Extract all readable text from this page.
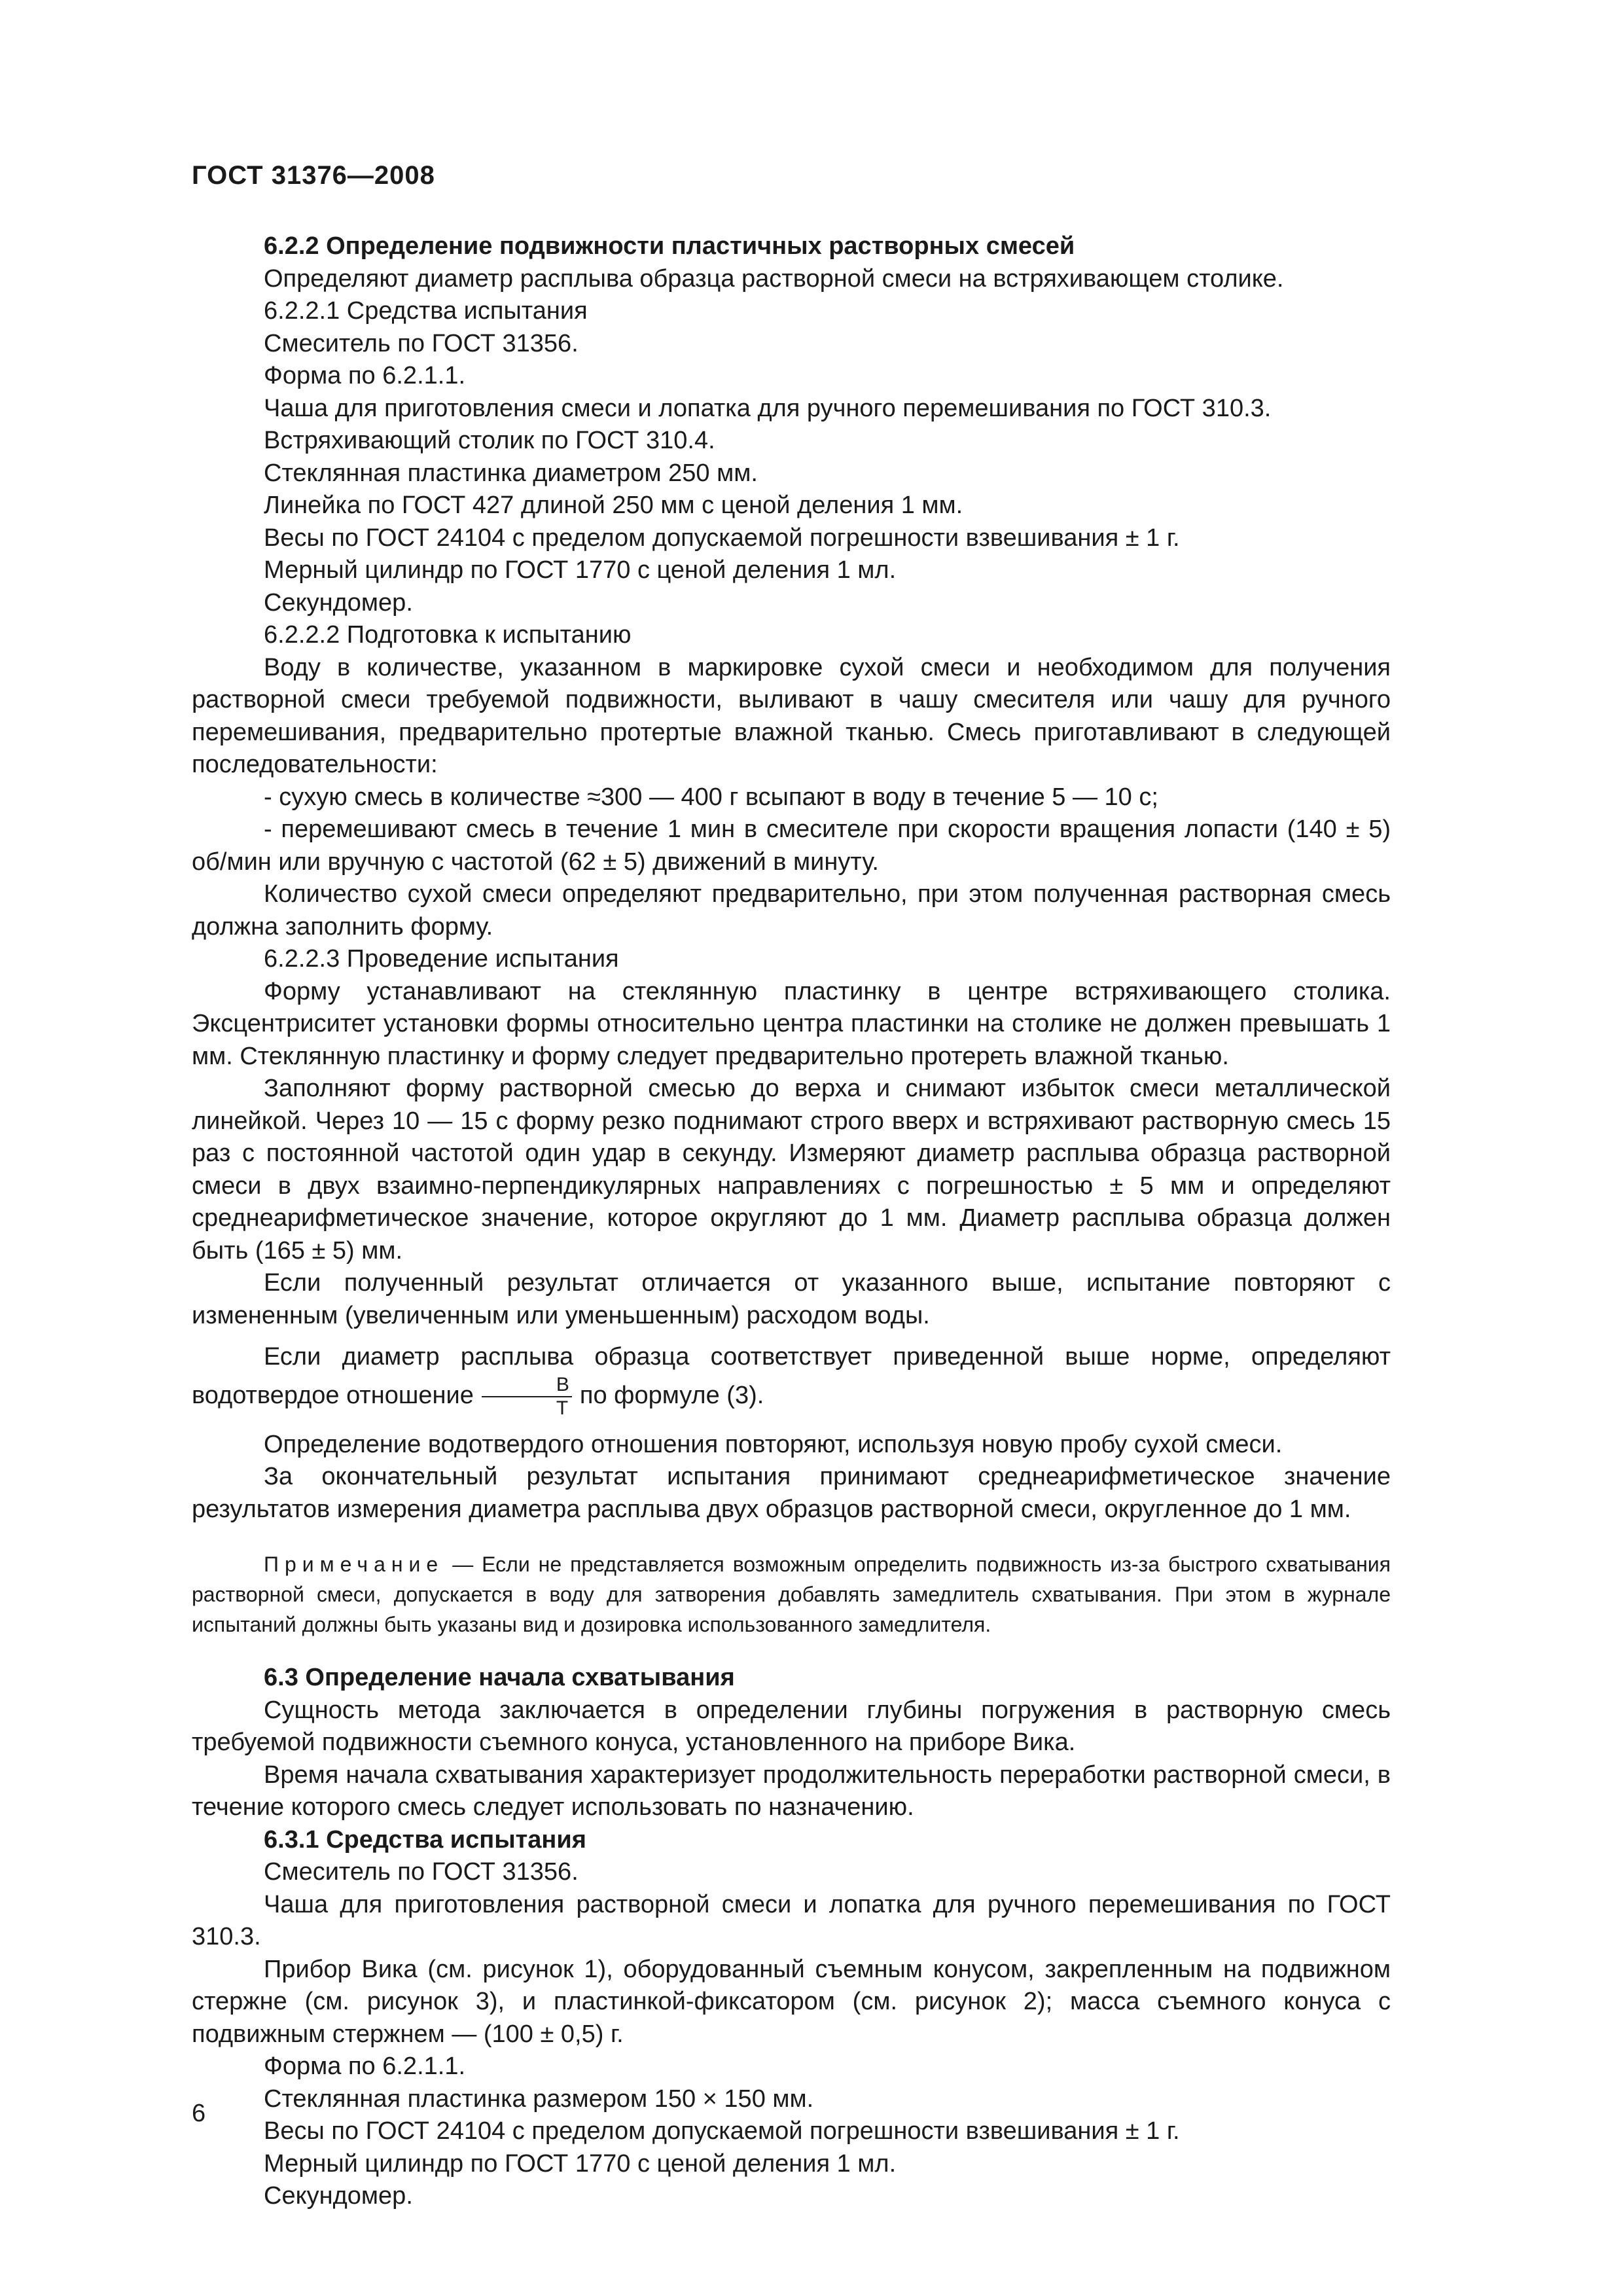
ГОСТ 31376—2008

6.2.2 Определение подвижности пластичных растворных смесей

Определяют диаметр расплыва образца растворной смеси на встряхивающем столике.

6.2.2.1 Средства испытания

Смеситель по ГОСТ 31356.

Форма по 6.2.1.1.

Чаша для приготовления смеси и лопатка для ручного перемешивания по ГОСТ 310.3.

Встряхивающий столик по ГОСТ 310.4.

Стеклянная пластинка диаметром 250 мм.

Линейка по ГОСТ 427 длиной 250 мм с ценой деления 1 мм.

Весы по ГОСТ 24104 с пределом допускаемой погрешности взвешивания ± 1 г.

Мерный цилиндр по ГОСТ 1770 с ценой деления 1 мл.

Секундомер.

6.2.2.2 Подготовка к испытанию

Воду в количестве, указанном в маркировке сухой смеси и необходимом для получения растворной смеси требуемой подвижности, выливают в чашу смесителя или чашу для ручного перемешивания, предварительно протертые влажной тканью. Смесь приготавливают в следующей последовательности:

- сухую смесь в количестве ≈300 — 400 г всыпают в воду в течение 5 — 10 с;

- перемешивают смесь в течение 1 мин в смесителе при скорости вращения лопасти (140 ± 5) об/мин или вручную с частотой (62 ± 5) движений в минуту.

Количество сухой смеси определяют предварительно, при этом полученная растворная смесь должна заполнить форму.

6.2.2.3 Проведение испытания

Форму устанавливают на стеклянную пластинку в центре встряхивающего столика. Эксцентриситет установки формы относительно центра пластинки на столике не должен превышать 1 мм. Стеклянную пластинку и форму следует предварительно протереть влажной тканью.

Заполняют форму растворной смесью до верха и снимают избыток смеси металлической линейкой. Через 10 — 15 с форму резко поднимают строго вверх и встряхивают растворную смесь 15 раз с постоянной частотой один удар в секунду. Измеряют диаметр расплыва образца растворной смеси в двух взаимно-перпендикулярных направлениях с погрешностью ± 5 мм и определяют среднеарифметическое значение, которое округляют до 1 мм. Диаметр расплыва образца должен быть (165 ± 5) мм.

Если полученный результат отличается от указанного выше, испытание повторяют с измененным (увеличенным или уменьшенным) расходом воды.

Если диаметр расплыва образца соответствует приведенной выше норме, определяют водотвердое отношение $\frac{В}{Т}$ по формуле (3).

Определение водотвердого отношения повторяют, используя новую пробу сухой смеси.

За окончательный результат испытания принимают среднеарифметическое значение результатов измерения диаметра расплыва двух образцов растворной смеси, округленное до 1 мм.

Примечание — Если не представляется возможным определить подвижность из-за быстрого схватывания растворной смеси, допускается в воду для затворения добавлять замедлитель схватывания. При этом в журнале испытаний должны быть указаны вид и дозировка использованного замедлителя.

6.3 Определение начала схватывания

Сущность метода заключается в определении глубины погружения в растворную смесь требуемой подвижности съемного конуса, установленного на приборе Вика.

Время начала схватывания характеризует продолжительность переработки растворной смеси, в течение которого смесь следует использовать по назначению.

6.3.1 Средства испытания

Смеситель по ГОСТ 31356.

Чаша для приготовления растворной смеси и лопатка для ручного перемешивания по ГОСТ 310.3.

Прибор Вика (см. рисунок 1), оборудованный съемным конусом, закрепленным на подвижном стержне (см. рисунок 3), и пластинкой-фиксатором (см. рисунок 2); масса съемного конуса с подвижным стержнем — (100 ± 0,5) г.

Форма по 6.2.1.1.

Стеклянная пластинка размером 150 × 150 мм.

Весы по ГОСТ 24104 с пределом допускаемой погрешности взвешивания ± 1 г.

Мерный цилиндр по ГОСТ 1770 с ценой деления 1 мл.

Секундомер.

6
